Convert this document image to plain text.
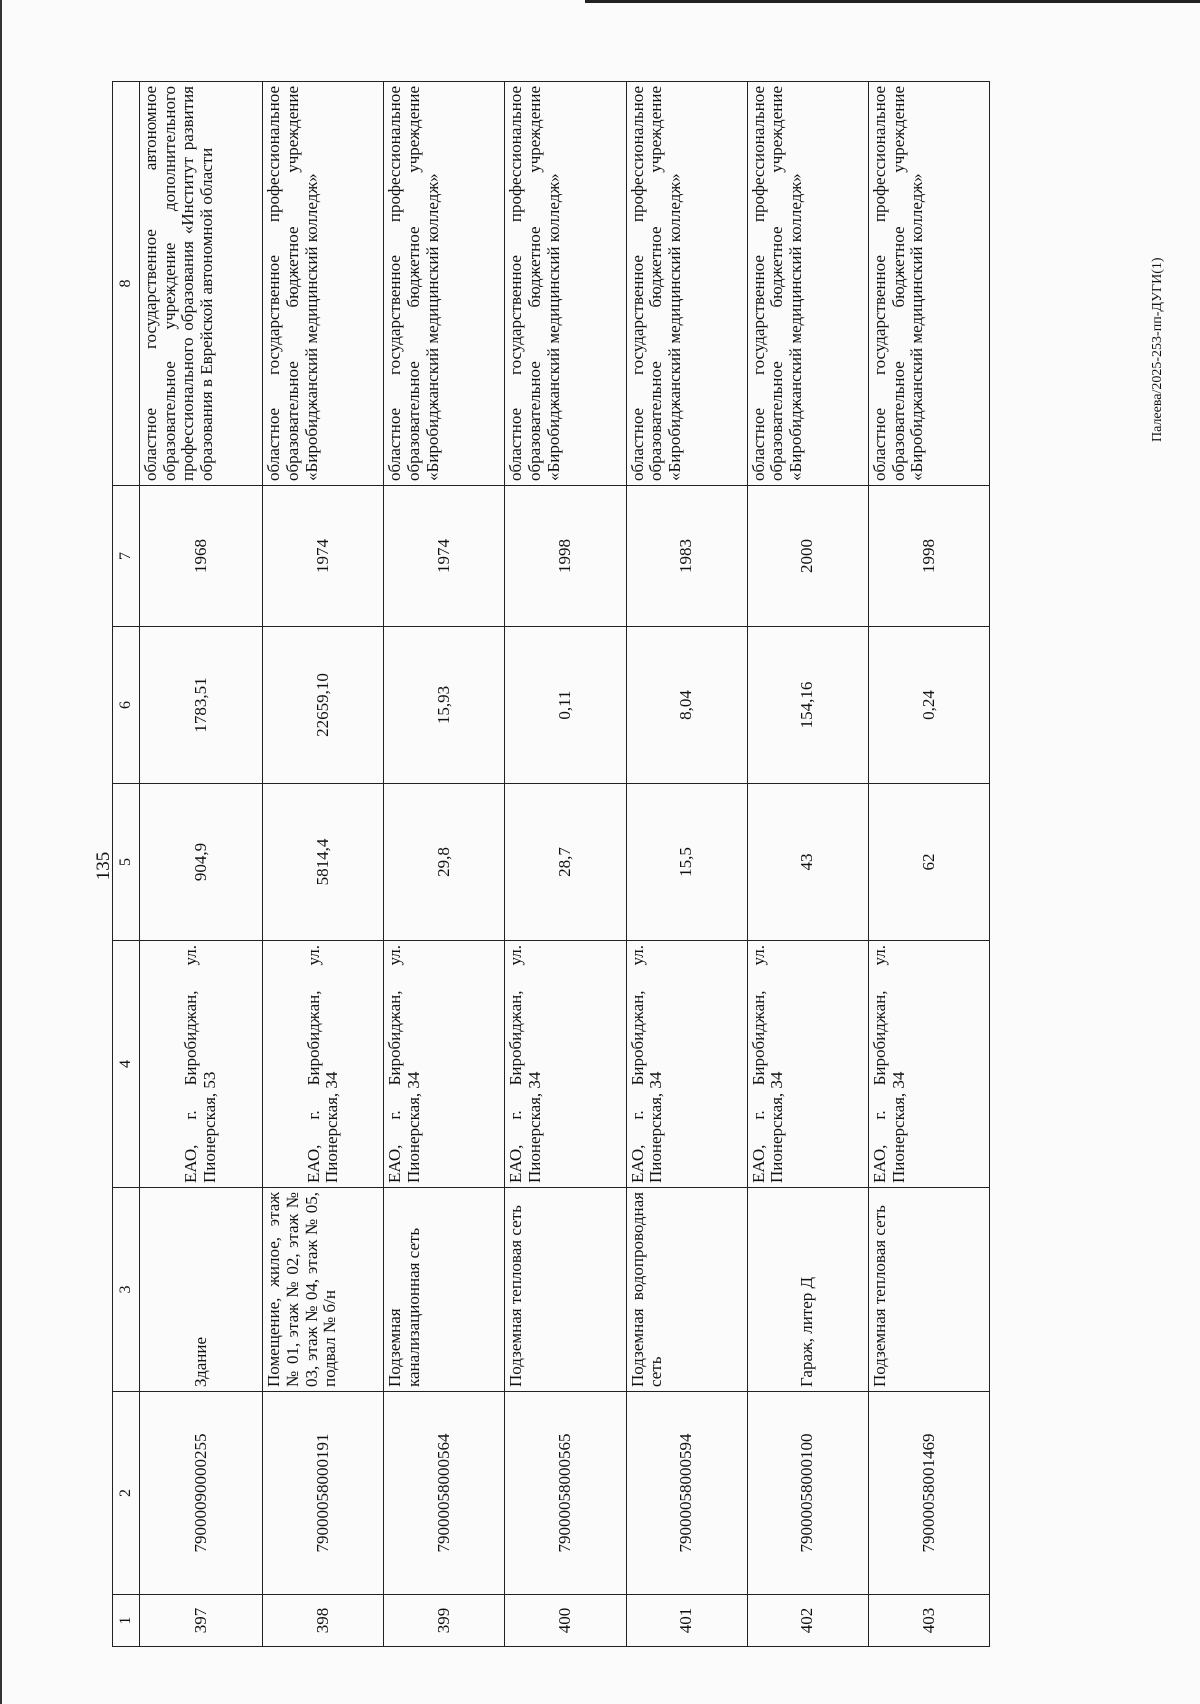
135
Палеева/2025-253-пп-ДУГИ(1)
1	2	3	4	5	6	7	8
397	79000090000255	Здание	ЕАО, г. Биробиджан, ул. Пионерская, 53	904,9	1783,51	1968	областное государственное автономное образовательное учреждение дополнительного профессионального образования «Институт развития образования в Еврейской автономной области
398	79000058000191	Помещение, жилое, этаж № 01, этаж № 02, этаж № 03, этаж № 04, этаж № 05, подвал № б/н	ЕАО, г. Биробиджан, ул. Пионерская, 34	5814,4	22659,10	1974	областное государственное профессиональное образовательное бюджетное учреждение «Биробиджанский медицинский колледж»
399	79000058000564	Подземная канализационная сеть	ЕАО, г. Биробиджан, ул. Пионерская, 34	29,8	15,93	1974	областное государственное профессиональное образовательное бюджетное учреждение «Биробиджанский медицинский колледж»
400	79000058000565	Подземная тепловая сеть	ЕАО, г. Биробиджан, ул. Пионерская, 34	28,7	0,11	1998	областное государственное профессиональное образовательное бюджетное учреждение «Биробиджанский медицинский колледж»
401	79000058000594	Подземная водопроводная сеть	ЕАО, г. Биробиджан, ул. Пионерская, 34	15,5	8,04	1983	областное государственное профессиональное образовательное бюджетное учреждение «Биробиджанский медицинский колледж»
402	79000058000100	Гараж, литер Д	ЕАО, г. Биробиджан, ул. Пионерская, 34	43	154,16	2000	областное государственное профессиональное образовательное бюджетное учреждение «Биробиджанский медицинский колледж»
403	79000058001469	Подземная тепловая сеть	ЕАО, г. Биробиджан, ул. Пионерская, 34	62	0,24	1998	областное государственное профессиональное образовательное бюджетное учреждение «Биробиджанский медицинский колледж»
